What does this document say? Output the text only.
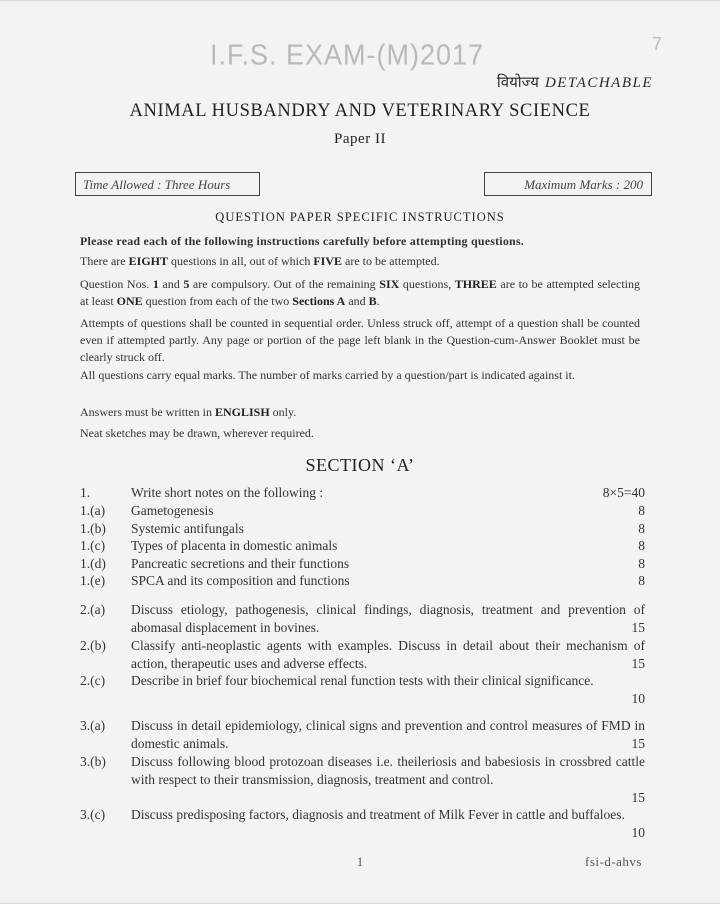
I.F.S. EXAM-(M)2017	7
वियोज्य DETACHABLE
ANIMAL HUSBANDRY AND VETERINARY SCIENCE
Paper II
Time Allowed : Three Hours	Maximum Marks : 200
QUESTION PAPER SPECIFIC INSTRUCTIONS
Please read each of the following instructions carefully before attempting questions.
There are EIGHT questions in all, out of which FIVE are to be attempted.
Question Nos. 1 and 5 are compulsory. Out of the remaining SIX questions, THREE are to be attempted selecting at least ONE question from each of the two Sections A and B.
Attempts of questions shall be counted in sequential order. Unless struck off, attempt of a question shall be counted even if attempted partly. Any page or portion of the page left blank in the Question-cum-Answer Booklet must be clearly struck off.
All questions carry equal marks. The number of marks carried by a question/part is indicated against it.
Answers must be written in ENGLISH only.
Neat sketches may be drawn, wherever required.
SECTION ‘A’
1.	Write short notes on the following :	8×5=40
1.(a) Gametogenesis	8
1.(b) Systemic antifungals	8
1.(c) Types of placenta in domestic animals	8
1.(d) Pancreatic secretions and their functions	8
1.(e) SPCA and its composition and functions	8
2.(a) Discuss etiology, pathogenesis, clinical findings, diagnosis, treatment and prevention of abomasal displacement in bovines.	15
2.(b) Classify anti-neoplastic agents with examples. Discuss in detail about their mechanism of action, therapeutic uses and adverse effects.	15
2.(c) Describe in brief four biochemical renal function tests with their clinical significance.
10
3.(a) Discuss in detail epidemiology, clinical signs and prevention and control measures of FMD in domestic animals.	15
3.(b) Discuss following blood protozoan diseases i.e. theileriosis and babesiosis in crossbred cattle with respect to their transmission, diagnosis, treatment and control.
15
3.(c) Discuss predisposing factors, diagnosis and treatment of Milk Fever in cattle and buffaloes.
10
1	fsi-d-ahvs
